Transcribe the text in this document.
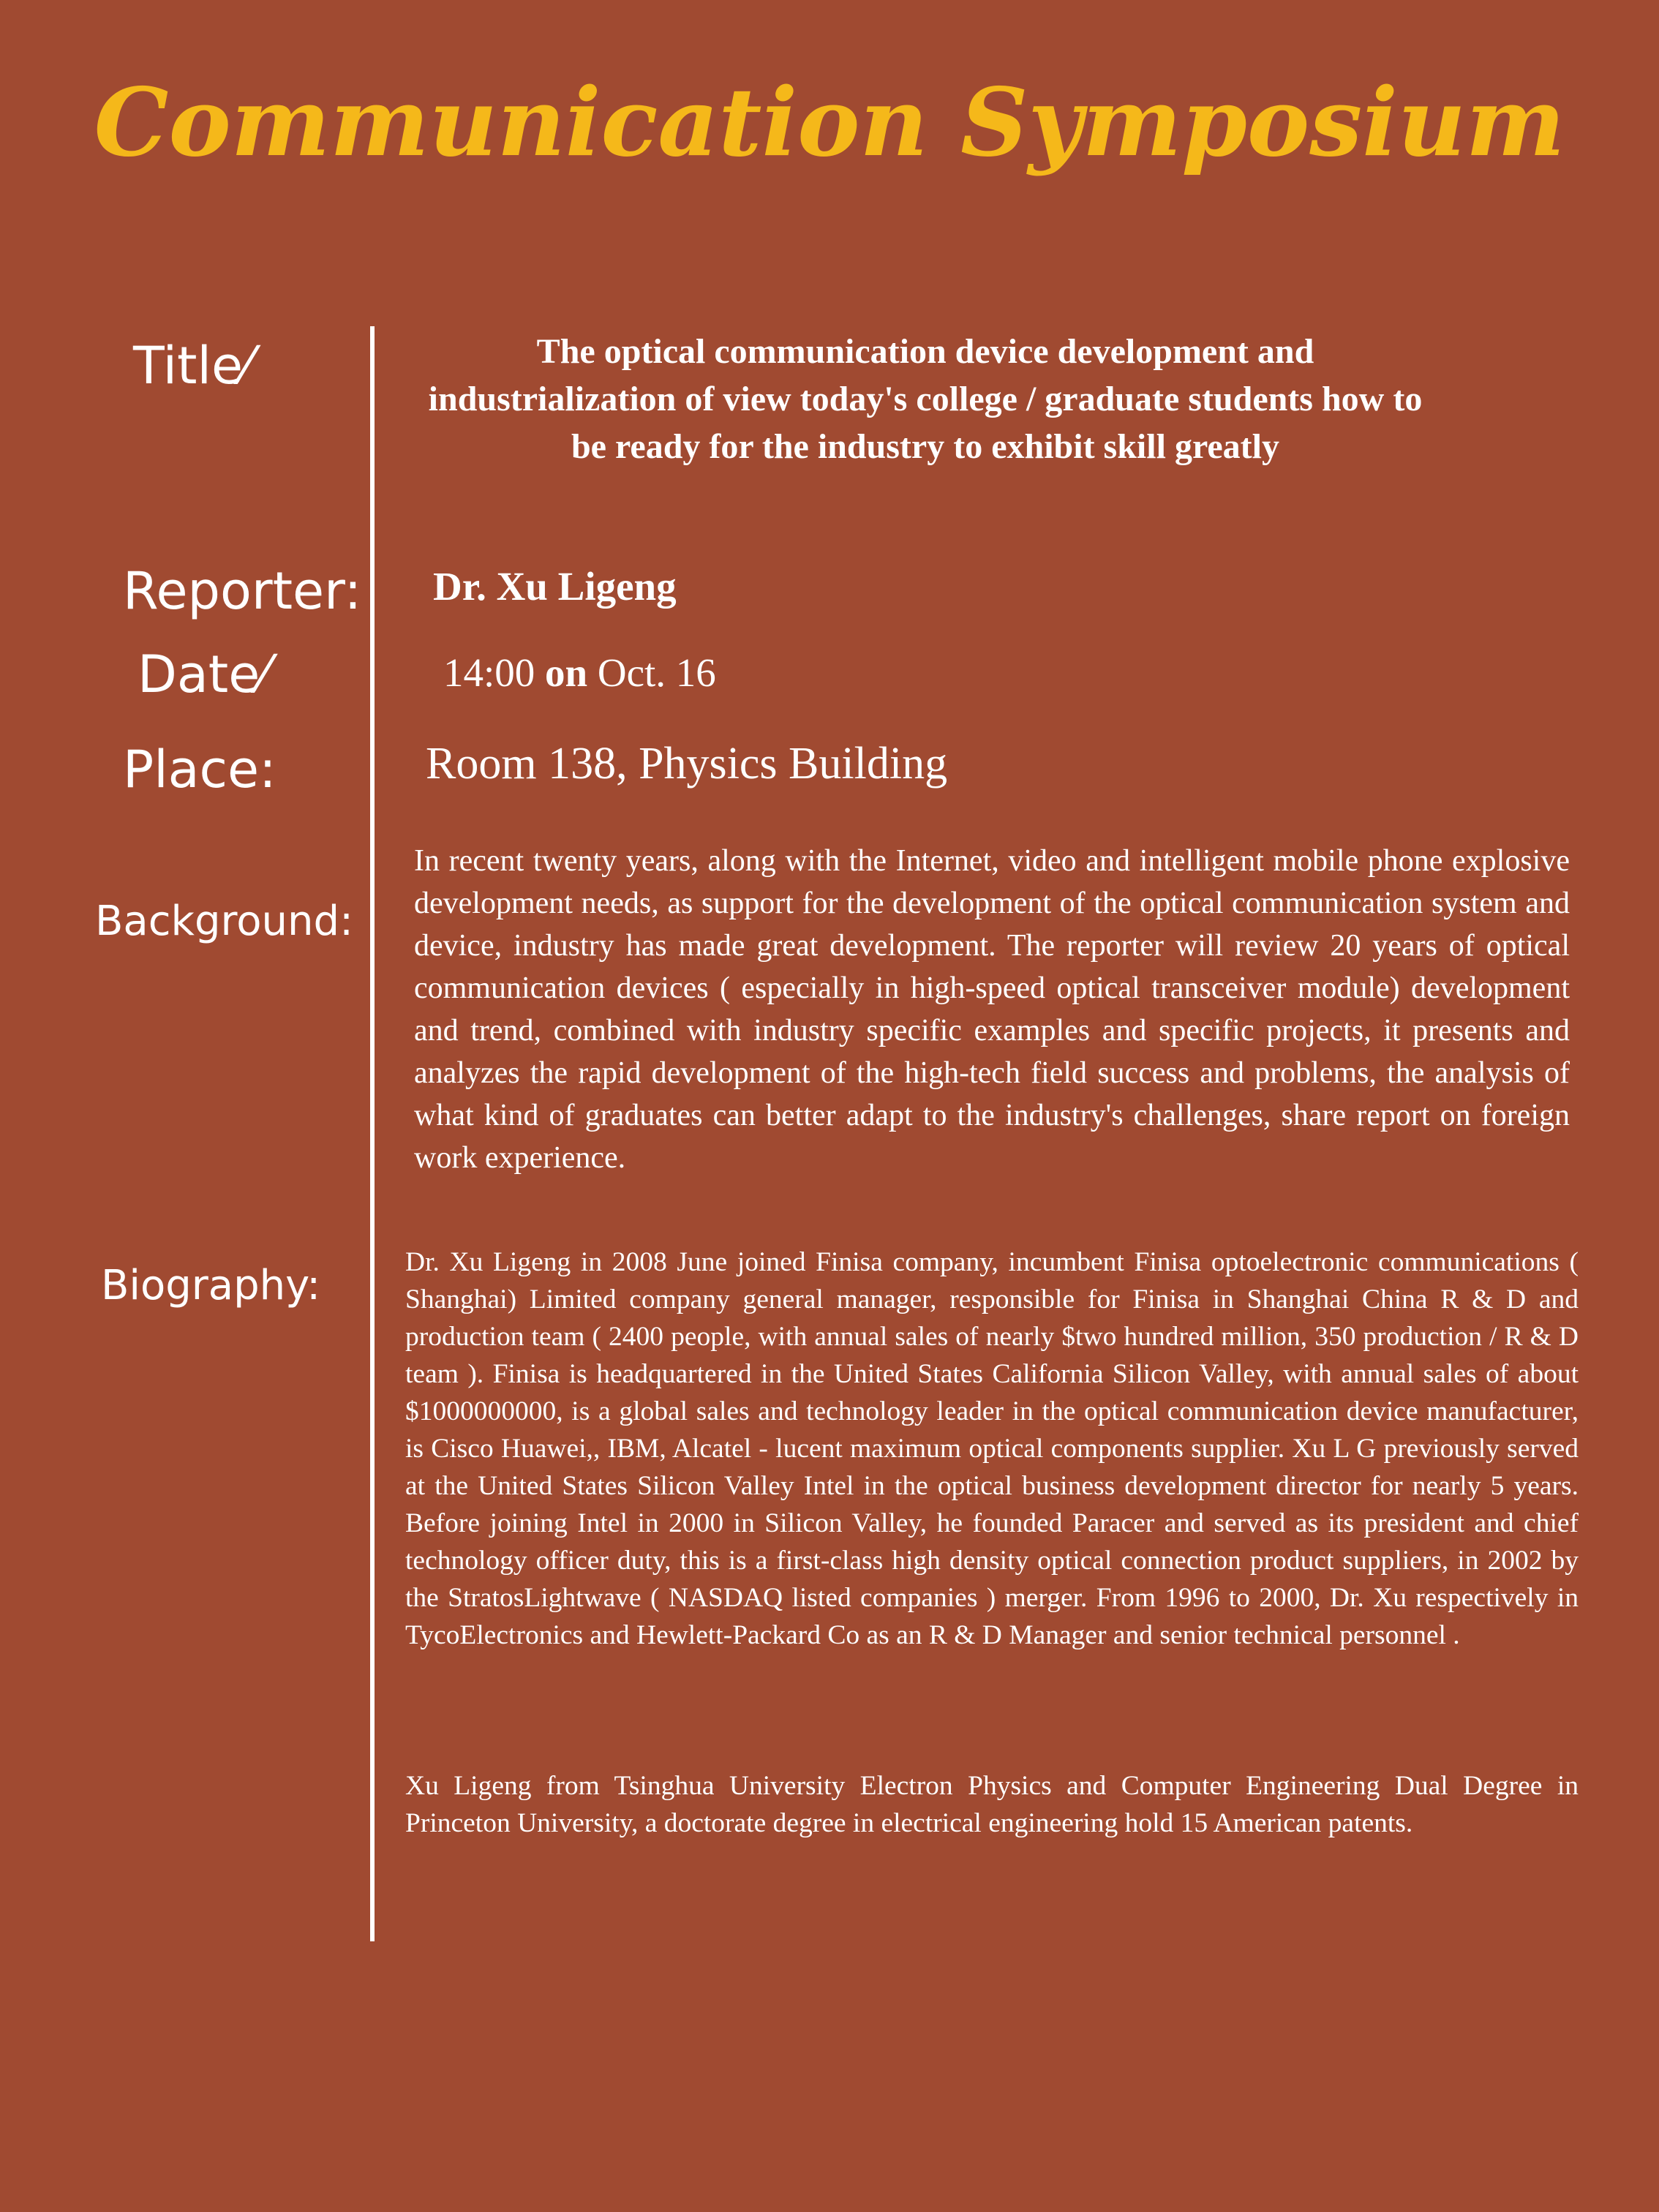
Communication Symposium
Title⁄	The optical communication device development and industrialization of view today's college / graduate students how to be ready for the industry to exhibit skill greatly

Reporter: Dr. Xu Ligeng
Date⁄	14:00 on Oct. 16
Place:	Room 138, Physics Building
Background:

In recent twenty years, along with the Internet, video and intelligent mobile phone explosive development needs, as support for the development of the optical communication system and device, industry has made great development. The reporter will review 20 years of optical communication devices ( especially in high-speed optical transceiver module) development and trend, combined with industry specific examples and specific projects, it presents and analyzes the rapid development of the high-tech field success and problems, the analysis of what kind of graduates can better adapt to the industry's challenges, share report on foreign work experience.

Biography:	Dr. Xu Ligeng in 2008 June joined Finisa company, incumbent Finisa optoelectronic communications ( Shanghai) Limited company general manager, responsible for Finisa in Shanghai China R & D and production team ( 2400 people, with annual sales of nearly $two hundred million, 350 production / R & D team ). Finisa is headquartered in the United States California Silicon Valley, with annual sales of about $1000000000, is a global sales and technology leader in the optical communication device manufacturer, is Cisco Huawei,, IBM, Alcatel - lucent maximum optical components supplier. Xu L G previously served at the United States Silicon Valley Intel in the optical business development director for nearly 5 years. Before joining Intel in 2000 in Silicon Valley, he founded Paracer and served as its president and chief technology officer duty, this is a first-class high density optical connection product suppliers, in 2002 by the StratosLightwave ( NASDAQ listed companies ) merger. From 1996 to 2000, Dr. Xu respectively in TycoElectronics and Hewlett-Packard Co as an R & D Manager and senior technical personnel .

Xu Ligeng from Tsinghua University Electron Physics and Computer Engineering Dual Degree in Princeton University, a doctorate degree in electrical engineering hold 15 American patents.
